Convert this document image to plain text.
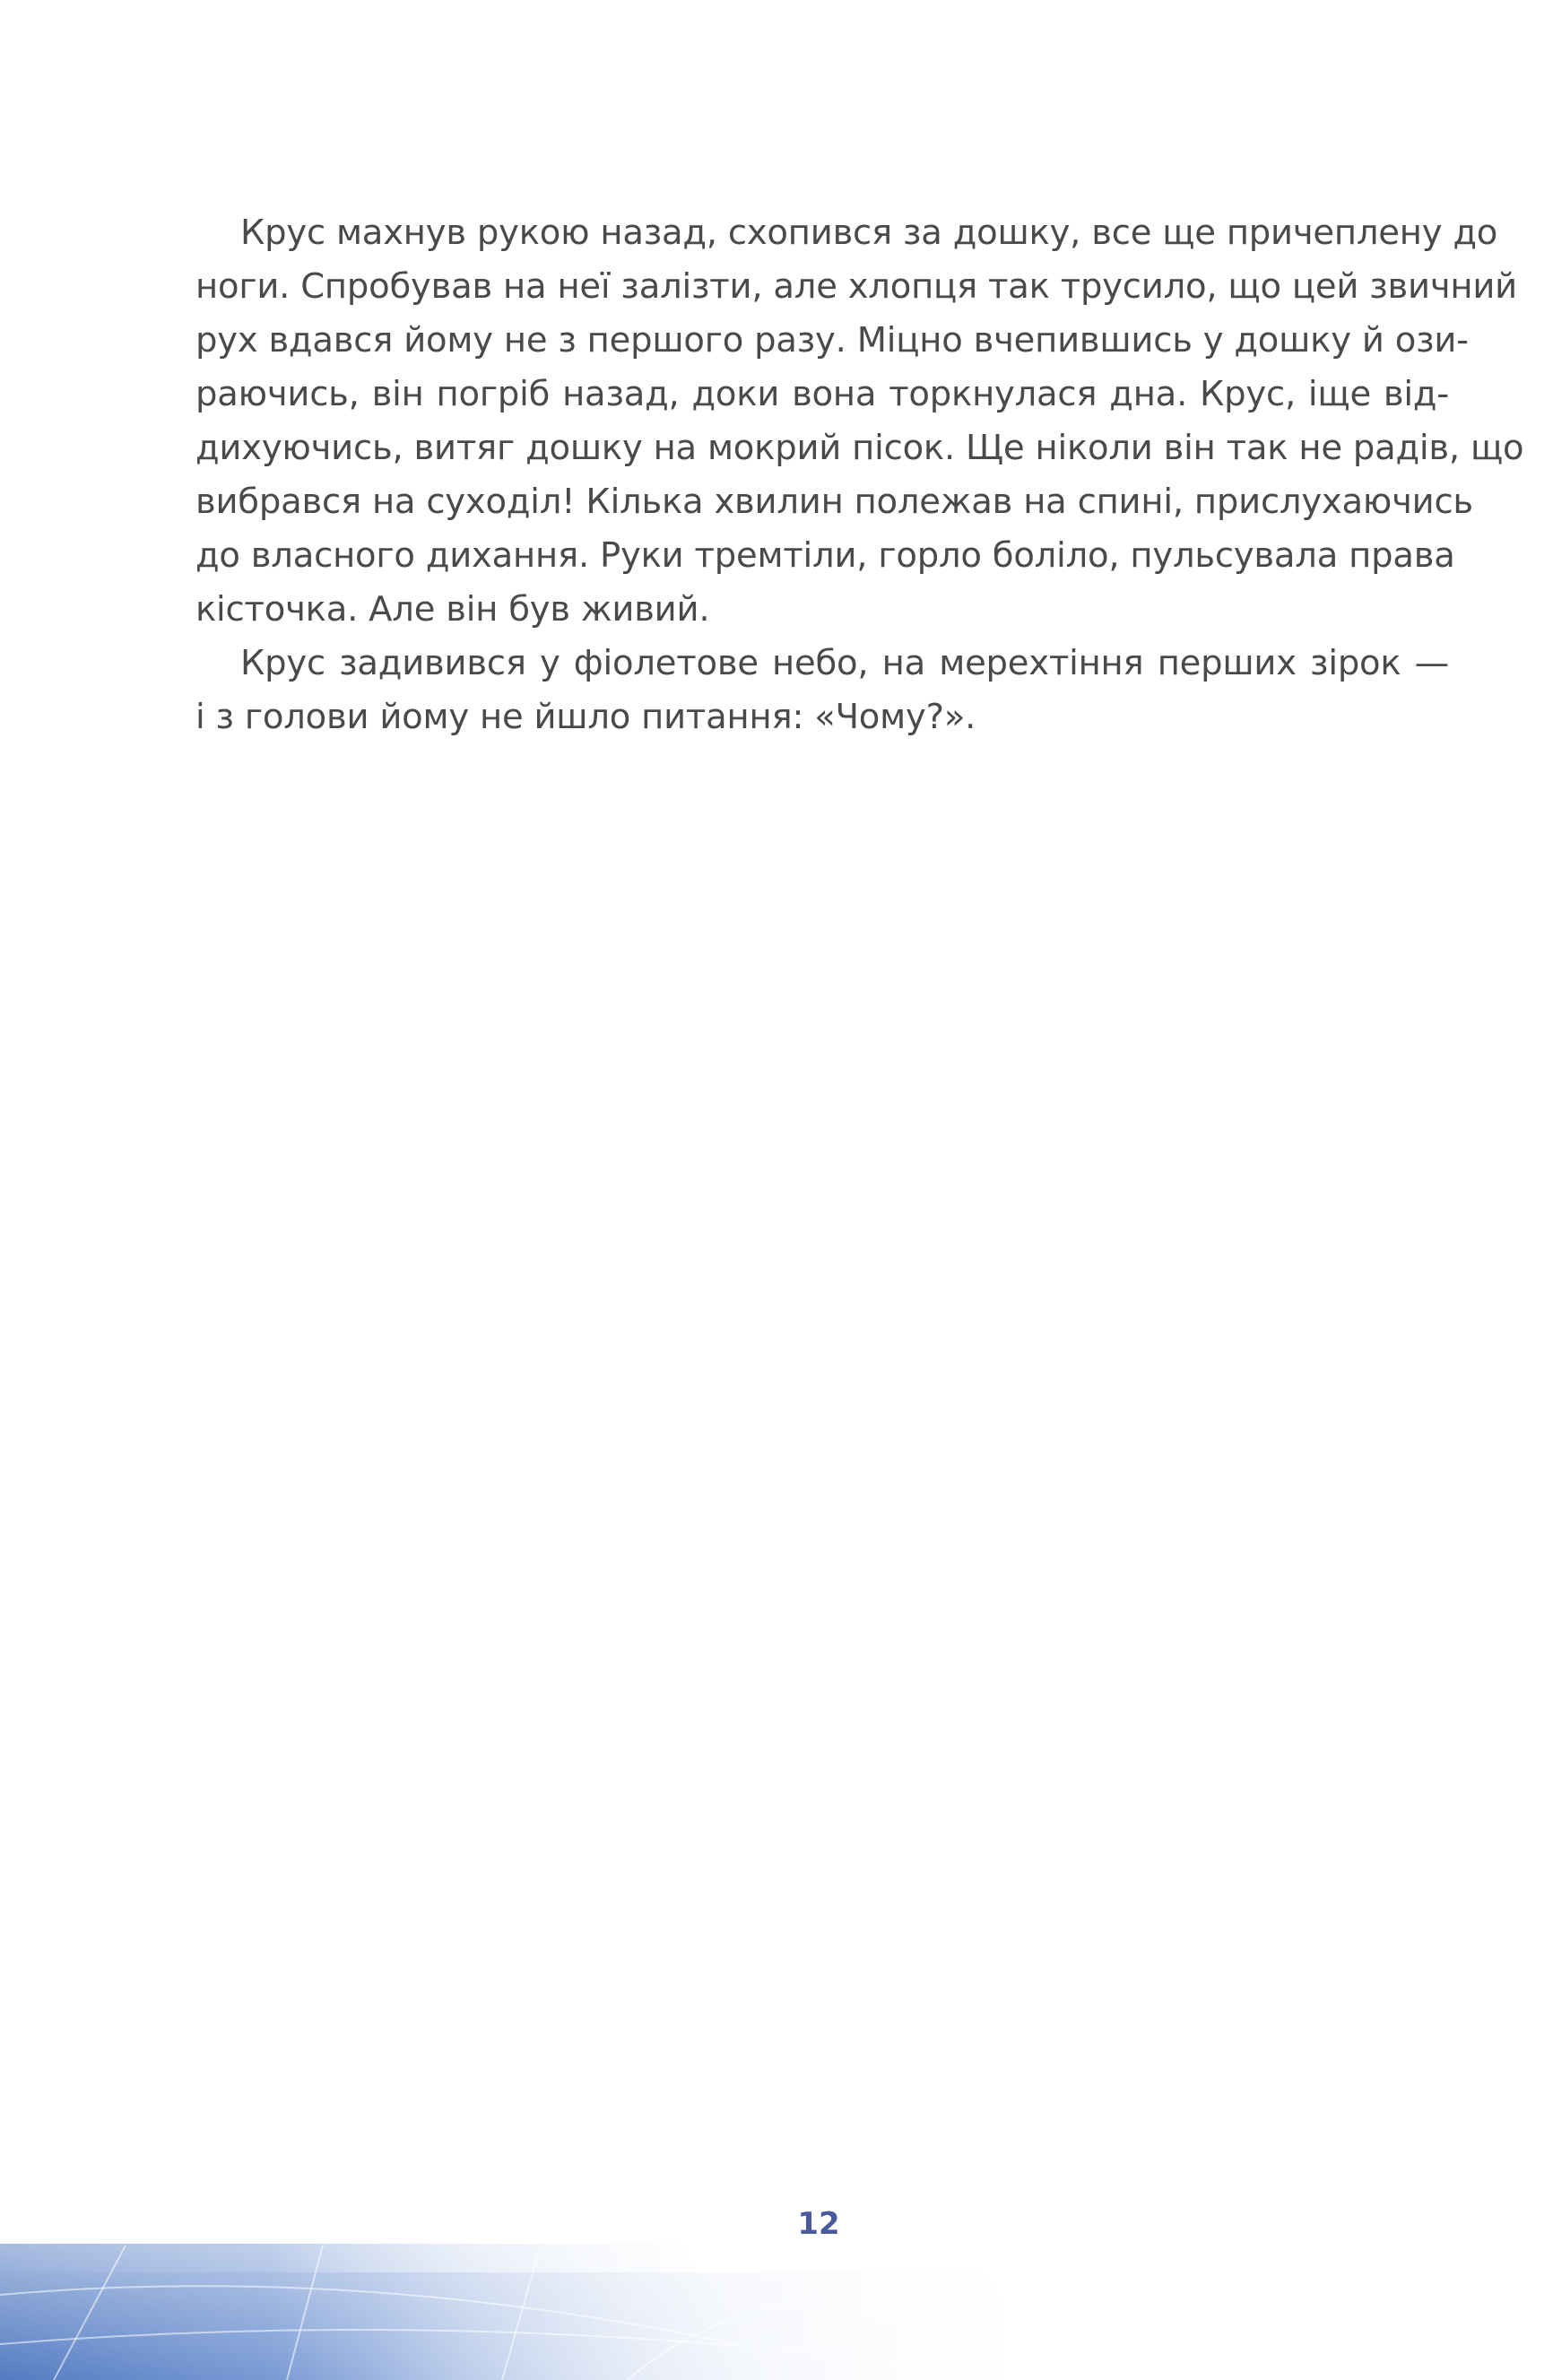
Крус махнув рукою назад, схопився за дошку, все ще причеплену до
ноги. Спробував на неї залізти, але хлопця так трусило, що цей звичний
рух вдався йому не з першого разу. Міцно вчепившись у дошку й ози-
раючись, він погріб назад, доки вона торкнулася дна. Крус, іще від-
дихуючись, витяг дошку на мокрий пісок. Ще ніколи він так не радів, що
вибрався на суходіл! Кілька хвилин полежав на спині, прислухаючись
до власного дихання. Руки тремтіли, горло боліло, пульсувала права
кісточка. Але він був живий.

Крус задивився у фіолетове небо, на мерехтіння перших зірок —
і з голови йому не йшло питання: «Чому?».

12
